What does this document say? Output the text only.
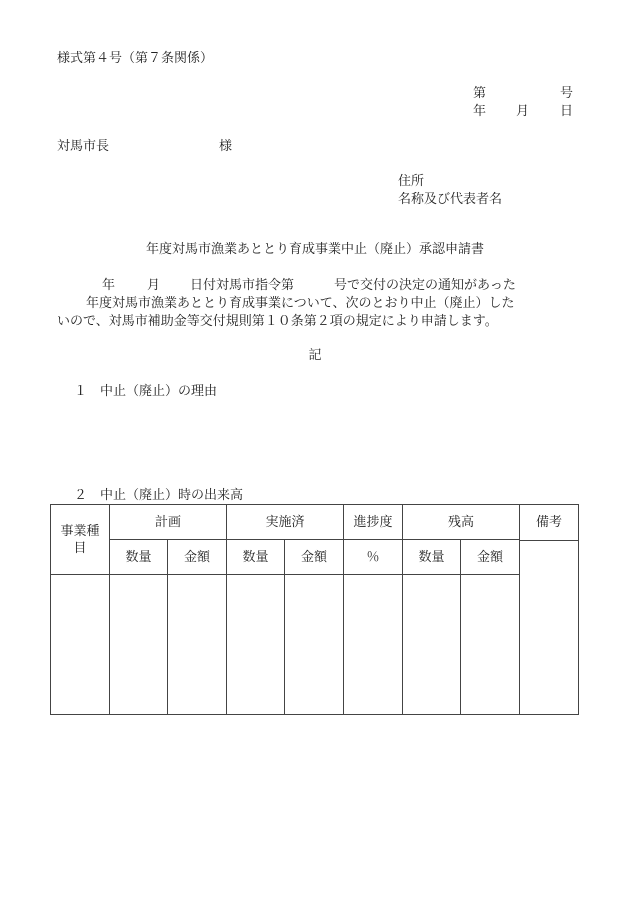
様式第４号（第７条関係）
第	号
年 月 日
対馬市長	様
住所
名称及び代表者名
年度対馬市漁業あととり育成事業中止（廃止）承認申請書
年 月 日付対馬市指令第	号で交付の決定の通知があった
年度対馬市漁業あととり育成事業について、次のとおり中止（廃止）した
いので、対馬市補助金等交付規則第１０条第２項の規定により申請します。
記
１　中止（廃止）の理由
２　中止（廃止）時の出来高
事業種目	計画		実施済		進捗度	残高		備考

	数量	金額	数量	金額	％	数量	金額	
